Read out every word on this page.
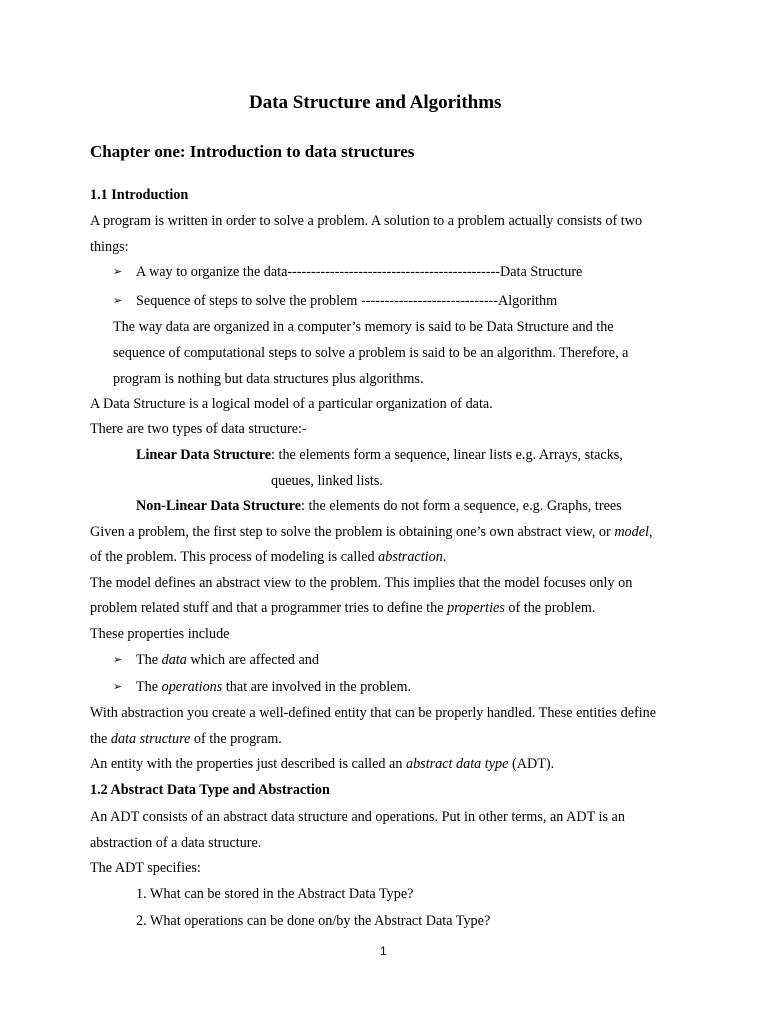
Data Structure and Algorithms
Chapter one: Introduction to data structures
1.1 Introduction
A program is written in order to solve a problem. A solution to a problem actually consists of two
things:
➢ A way to organize the data---------------------------------------------Data Structure
➢ Sequence of steps to solve the problem -----------------------------Algorithm
The way data are organized in a computer’s memory is said to be Data Structure and the
sequence of computational steps to solve a problem is said to be an algorithm. Therefore, a
program is nothing but data structures plus algorithms.
A Data Structure is a logical model of a particular organization of data.
There are two types of data structure:-
Linear Data Structure: the elements form a sequence, linear lists e.g. Arrays, stacks,
queues, linked lists.
Non-Linear Data Structure: the elements do not form a sequence, e.g. Graphs, trees
Given a problem, the first step to solve the problem is obtaining one’s own abstract view, or model,
of the problem. This process of modeling is called abstraction.
The model defines an abstract view to the problem. This implies that the model focuses only on
problem related stuff and that a programmer tries to define the properties of the problem.
These properties include
➢ The data which are affected and
➢ The operations that are involved in the problem.
With abstraction you create a well-defined entity that can be properly handled. These entities define
the data structure of the program.
An entity with the properties just described is called an abstract data type (ADT).
1.2 Abstract Data Type and Abstraction
An ADT consists of an abstract data structure and operations. Put in other terms, an ADT is an
abstraction of a data structure.
The ADT specifies:
1. What can be stored in the Abstract Data Type?
2. What operations can be done on/by the Abstract Data Type?
1
